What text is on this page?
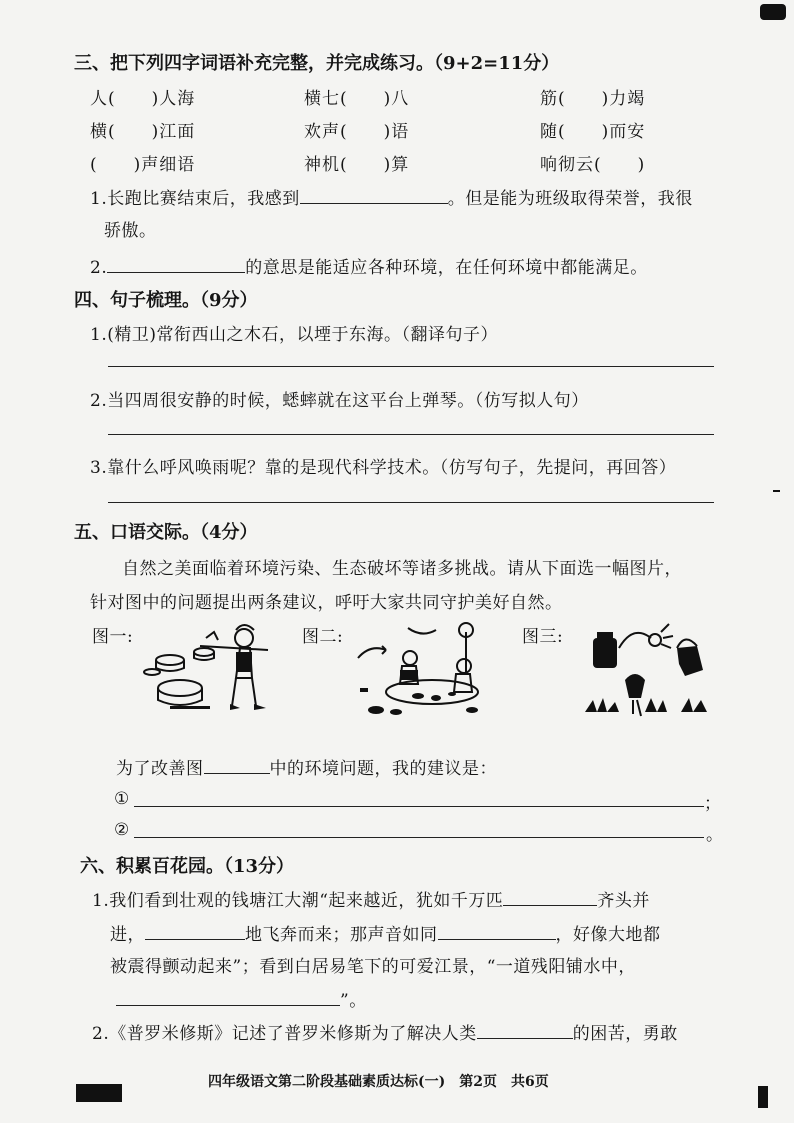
三、把下列四字词语补充完整，并完成练习。（9+2=11分）
人(　　)人海	横七(　　)八	筋(　　)力竭
横(　　)江面	欢声(　　)语	随(　　)而安
(　　)声细语	神机(　　)算	响彻云(　　)
1.长跑比赛结束后，我感到	。但是能为班级取得荣誉，我很
骄傲。
2.	的意思是能适应各种环境，在任何环境中都能满足。
四、句子梳理。（9分）
1.(精卫)常衔西山之木石，以堙于东海。（翻译句子）
2.当四周很安静的时候，蟋蟀就在这平台上弹琴。（仿写拟人句）
3.靠什么呼风唤雨呢？靠的是现代科学技术。（仿写句子，先提问，再回答）
五、口语交际。（4分）
自然之美面临着环境污染、生态破坏等诸多挑战。请从下面选一幅图片，
针对图中的问题提出两条建议，呼吁大家共同守护美好自然。
图一:	图二:	图三:
为了改善图	中的环境问题，我的建议是：
①	；
②	。
六、积累百花园。（13分）
1.我们看到壮观的钱塘江大潮“起来越近，犹如千万匹	齐头并
进，	地飞奔而来；那声音如同	，好像大地都
被震得颤动起来”；看到白居易笔下的可爱江景，“一道残阳铺水中，
”。
2.《普罗米修斯》记述了普罗米修斯为了解决人类	的困苦，勇敢
四年级语文第二阶段基础素质达标(一)　第2页　共6页
